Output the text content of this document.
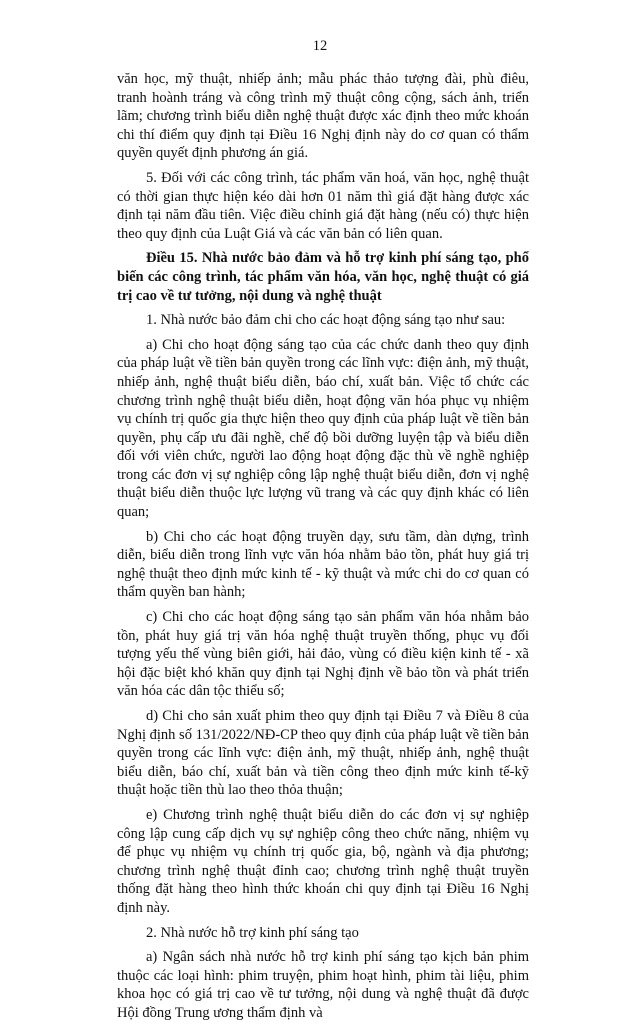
12

văn học, mỹ thuật, nhiếp ảnh; mẫu phác thảo tượng đài, phù điêu, tranh hoành tráng và công trình mỹ thuật công cộng, sách ảnh, triển lãm; chương trình biểu diễn nghệ thuật được xác định theo mức khoán chi thí điểm quy định tại Điều 16 Nghị định này do cơ quan có thẩm quyền quyết định phương án giá.

5. Đối với các công trình, tác phẩm văn hoá, văn học, nghệ thuật có thời gian thực hiện kéo dài hơn 01 năm thì giá đặt hàng được xác định tại năm đầu tiên. Việc điều chỉnh giá đặt hàng (nếu có) thực hiện theo quy định của Luật Giá và các văn bản có liên quan.

Điều 15. Nhà nước bảo đảm và hỗ trợ kinh phí sáng tạo, phổ biến các công trình, tác phẩm văn hóa, văn học, nghệ thuật có giá trị cao về tư tưởng, nội dung và nghệ thuật

1. Nhà nước bảo đảm chi cho các hoạt động sáng tạo như sau:

a) Chi cho hoạt động sáng tạo của các chức danh theo quy định của pháp luật về tiền bản quyền trong các lĩnh vực: điện ảnh, mỹ thuật, nhiếp ảnh, nghệ thuật biểu diễn, báo chí, xuất bản. Việc tổ chức các chương trình nghệ thuật biểu diễn, hoạt động văn hóa phục vụ nhiệm vụ chính trị quốc gia thực hiện theo quy định của pháp luật về tiền bản quyền, phụ cấp ưu đãi nghề, chế độ bồi dưỡng luyện tập và biểu diễn đối với viên chức, người lao động hoạt động đặc thù về nghề nghiệp trong các đơn vị sự nghiệp công lập nghệ thuật biểu diễn, đơn vị nghệ thuật biểu diễn thuộc lực lượng vũ trang và các quy định khác có liên quan;

b) Chi cho các hoạt động truyền dạy, sưu tầm, dàn dựng, trình diễn, biểu diễn trong lĩnh vực văn hóa nhằm bảo tồn, phát huy giá trị nghệ thuật theo định mức kinh tế - kỹ thuật và mức chi do cơ quan có thẩm quyền ban hành;

c) Chi cho các hoạt động sáng tạo sản phẩm văn hóa nhằm bảo tồn, phát huy giá trị văn hóa nghệ thuật truyền thống, phục vụ đối tượng yếu thế vùng biên giới, hải đảo, vùng có điều kiện kinh tế - xã hội đặc biệt khó khăn quy định tại Nghị định về bảo tồn và phát triển văn hóa các dân tộc thiểu số;

d) Chi cho sản xuất phim theo quy định tại Điều 7 và Điều 8 của Nghị định số 131/2022/NĐ-CP theo quy định của pháp luật về tiền bản quyền trong các lĩnh vực: điện ảnh, mỹ thuật, nhiếp ảnh, nghệ thuật biểu diễn, báo chí, xuất bản và tiền công theo định mức kinh tế-kỹ thuật hoặc tiền thù lao theo thỏa thuận;

e) Chương trình nghệ thuật biểu diễn do các đơn vị sự nghiệp công lập cung cấp dịch vụ sự nghiệp công theo chức năng, nhiệm vụ để phục vụ nhiệm vụ chính trị quốc gia, bộ, ngành và địa phương; chương trình nghệ thuật đỉnh cao; chương trình nghệ thuật truyền thống đặt hàng theo hình thức khoán chi quy định tại Điều 16 Nghị định này.

2. Nhà nước hỗ trợ kinh phí sáng tạo

a) Ngân sách nhà nước hỗ trợ kinh phí sáng tạo kịch bản phim thuộc các loại hình: phim truyện, phim hoạt hình, phim tài liệu, phim khoa học có giá trị cao về tư tưởng, nội dung và nghệ thuật đã được Hội đồng Trung ương thẩm định và
